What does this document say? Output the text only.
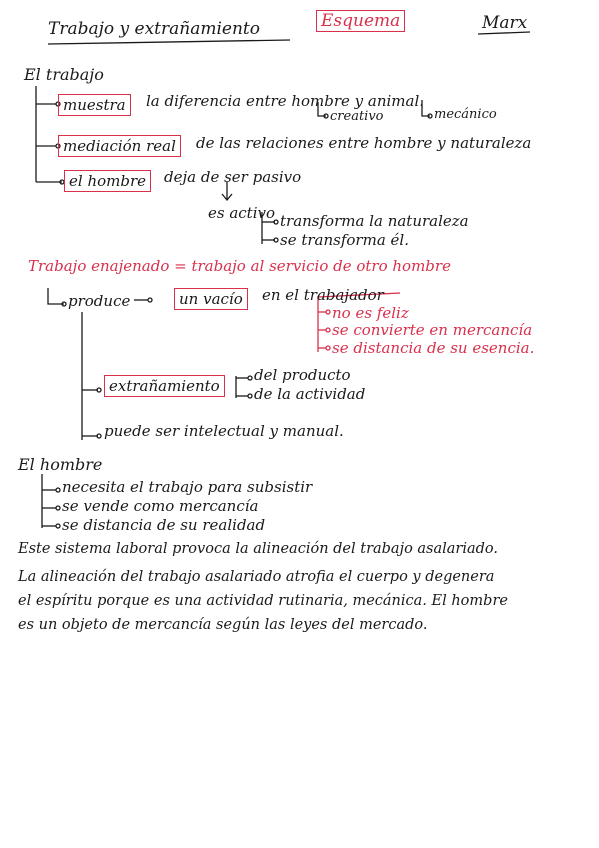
Trabajo y extrañamiento	Esquema	Marx
El trabajo
muestra	la diferencia entre hombre y animal.
creativo	mecánico
mediación real	de las relaciones entre hombre y naturaleza
el hombre	deja de ser pasivo
es activo transforma la naturaleza
se transforma él.
Trabajo enajenado = trabajo al servicio de otro hombre
produce	un vacío	en el trabajador
no es feliz
se convierte en mercancía
se distancia de su esencia.
extrañamiento
del producto
de la actividad
puede ser intelectual y manual.
El hombre
necesita el trabajo para subsistir
se vende como mercancía
se distancia de su realidad
Este sistema laboral provoca la alineación del trabajo asalariado.
La alineación del trabajo asalariado atrofia el cuerpo y degenera
el espíritu porque es una actividad rutinaria, mecánica. El hombre
es un objeto de mercancía según las leyes del mercado.
